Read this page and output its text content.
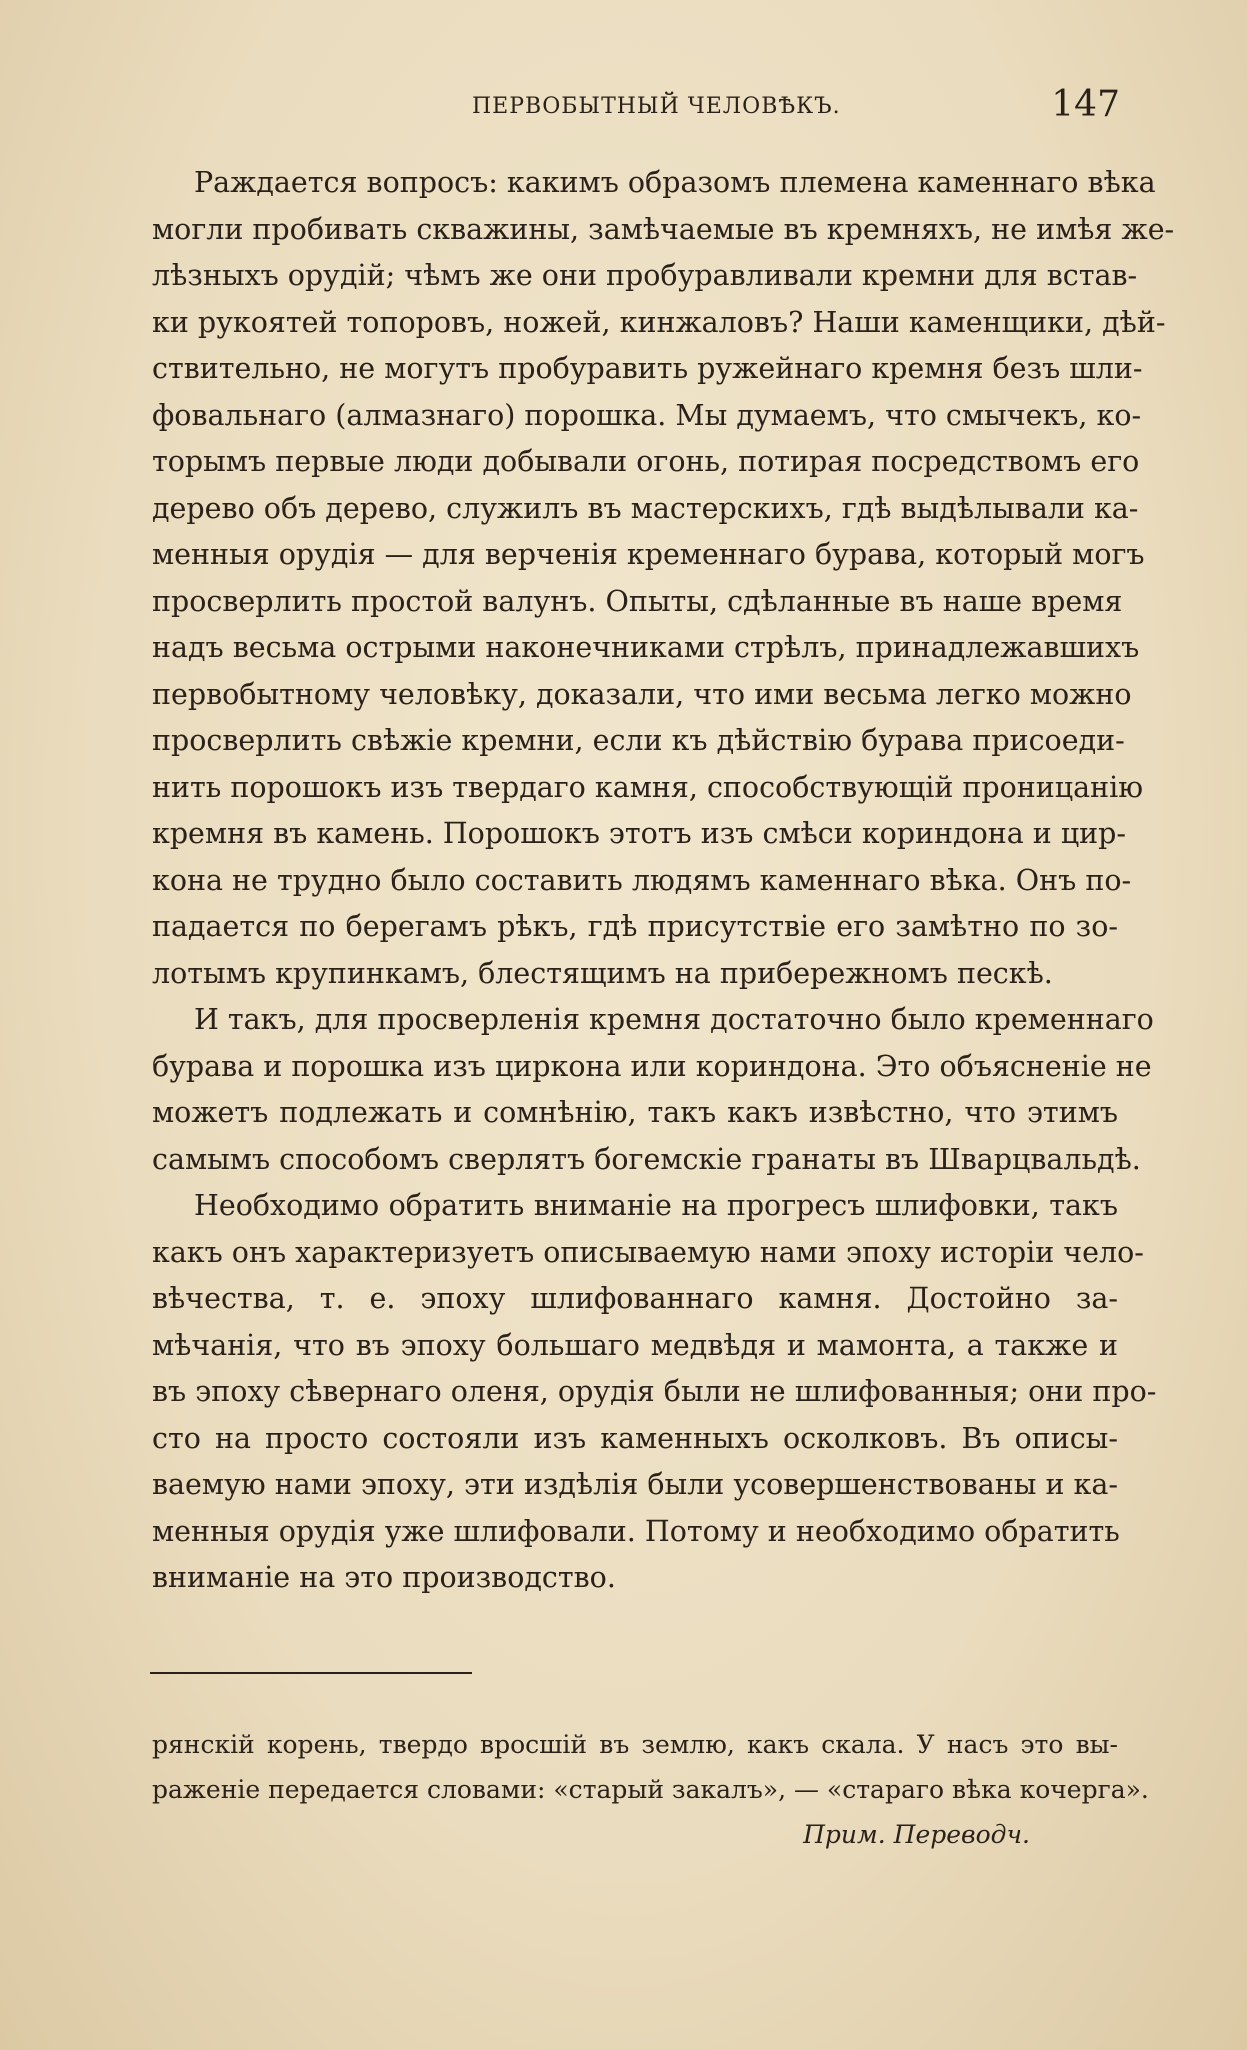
ПЕРВОБЫТНЫЙ ЧЕЛОВѢКЪ.	147
Раждается вопросъ: какимъ образомъ племена каменнаго вѣка
могли пробивать скважины, замѣчаемые въ кремняхъ, не имѣя же-
лѣзныхъ орудій; чѣмъ же они пробуравливали кремни для встав-
ки рукоятей топоровъ, ножей, кинжаловъ? Наши каменщики, дѣй-
ствительно, не могутъ пробуравить ружейнаго кремня безъ шли-
фовальнаго (алмазнаго) порошка. Мы думаемъ, что смычекъ, ко-
торымъ первые люди добывали огонь, потирая посредствомъ его
дерево объ дерево, служилъ въ мастерскихъ, гдѣ выдѣлывали ка-
менныя орудія — для верченія кременнаго бурава, который могъ
просверлить простой валунъ. Опыты, сдѣланные въ наше время
надъ весьма острыми наконечниками стрѣлъ, принадлежавшихъ
первобытному человѣку, доказали, что ими весьма легко можно
просверлить свѣжіе кремни, если къ дѣйствію бурава присоеди-
нить порошокъ изъ твердаго камня, способствующій проницанію
кремня въ камень. Порошокъ этотъ изъ смѣси кориндона и цир-
кона не трудно было составить людямъ каменнаго вѣка. Онъ по-
падается по берегамъ рѣкъ, гдѣ присутствіе его замѣтно по зо-
лотымъ крупинкамъ, блестящимъ на прибережномъ пескѣ.
И такъ, для просверленія кремня достаточно было кременнаго
бурава и порошка изъ циркона или кориндона. Это объясненіе не
можетъ подлежать и сомнѣнію, такъ какъ извѣстно, что этимъ
самымъ способомъ сверлятъ богемскіе гранаты въ Шварцвальдѣ.
Необходимо обратить вниманіе на прогресъ шлифовки, такъ
какъ онъ характеризуетъ описываемую нами эпоху исторіи чело-
вѣчества, т. е. эпоху шлифованнаго камня. Достойно за-
мѣчанія, что въ эпоху большаго медвѣдя и мамонта, а также и
въ эпоху сѣвернаго оленя, орудія были не шлифованныя; они про-
сто на просто состояли изъ каменныхъ осколковъ. Въ описы-
ваемую нами эпоху, эти издѣлія были усовершенствованы и ка-
менныя орудія уже шлифовали. Потому и необходимо обратить
вниманіе на это производство.
рянскій корень, твердо вросшій въ землю, какъ скала. У насъ это вы-
раженіе передается словами: «старый закалъ», — «стараго вѣка кочерга».
Прим. Переводч.
